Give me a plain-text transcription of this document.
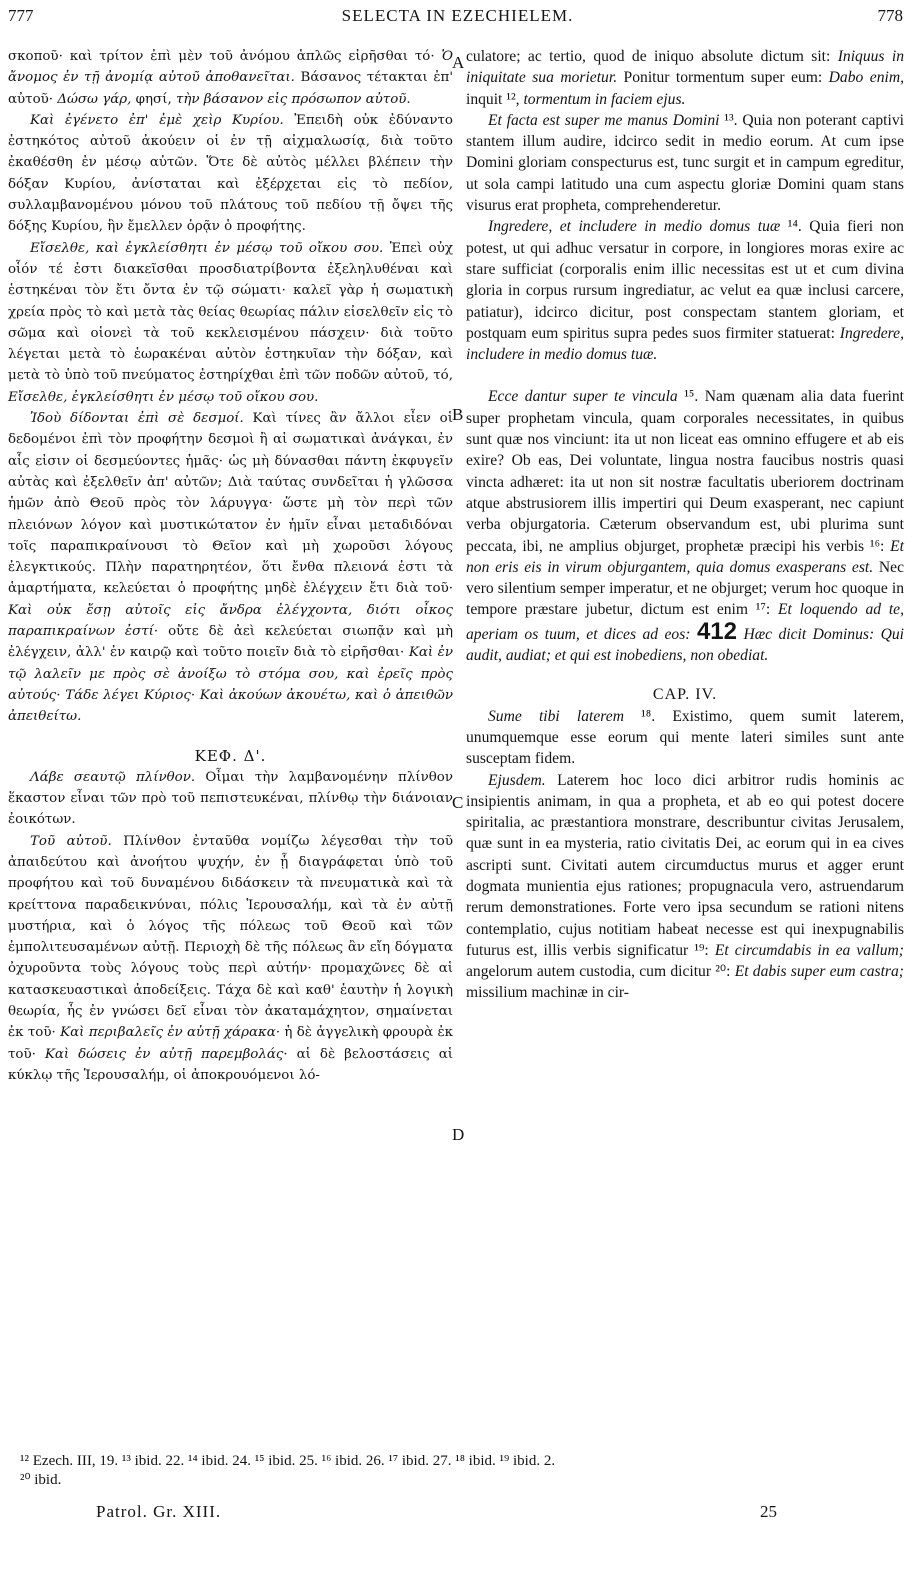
777	SELECTA IN EZECHIELEM.	778
A
B
C
D

σκοποῦ· καὶ τρίτον ἐπὶ μὲν τοῦ ἀνόμου ἁπλῶς εἰρῆσθαι τό· Ὁ ἄνομος ἐν τῇ ἀνομίᾳ αὐτοῦ ἀποθανεῖται. Βάσανος τέτακται ἐπ' αὐτοῦ· Δώσω γάρ, φησί, τὴν βάσανον εἰς πρόσωπον αὐτοῦ.

Καὶ ἐγένετο ἐπ' ἐμὲ χεὶρ Κυρίου. Ἐπειδὴ οὐκ ἐδύναντο ἑστηκότος αὐτοῦ ἀκούειν οἱ ἐν τῇ αἰχμαλωσίᾳ, διὰ τοῦτο ἐκαθέσθη ἐν μέσῳ αὐτῶν. Ὅτε δὲ αὐτὸς μέλλει βλέπειν τὴν δόξαν Κυρίου, ἀνίσταται καὶ ἐξέρχεται εἰς τὸ πεδίον, συλλαμβανομένου μόνου τοῦ πλάτους τοῦ πεδίου τῇ ὄψει τῆς δόξης Κυρίου, ἣν ἔμελλεν ὁρᾷν ὁ προφήτης.

Εἴσελθε, καὶ ἐγκλείσθητι ἐν μέσῳ τοῦ οἴκου σου. Ἐπεὶ οὐχ οἷόν τέ ἐστι διακεῖσθαι προσδιατρίβοντα ἐξεληλυθέναι καὶ ἑστηκέναι τὸν ἔτι ὄντα ἐν τῷ σώματι· καλεῖ γὰρ ἡ σωματικὴ χρεία πρὸς τὸ καὶ μετὰ τὰς θείας θεωρίας πάλιν εἰσελθεῖν εἰς τὸ σῶμα καὶ οἱονεὶ τὰ τοῦ κεκλεισμένου πάσχειν· διὰ τοῦτο λέγεται μετὰ τὸ ἑωρακέναι αὐτὸν ἑστηκυῖαν τὴν δόξαν, καὶ μετὰ τὸ ὑπὸ τοῦ πνεύματος ἐστηρίχθαι ἐπὶ τῶν ποδῶν αὐτοῦ, τό, Εἴσελθε, ἐγκλείσθητι ἐν μέσῳ τοῦ οἴκου σου.

Ἰδοὺ δίδονται ἐπὶ σὲ δεσμοί. Καὶ τίνες ἂν ἄλλοι εἶεν οἱ δεδομένοι ἐπὶ τὸν προφήτην δεσμοὶ ἢ αἱ σωματικαὶ ἀνάγκαι, ἐν αἷς εἰσιν οἱ δεσμεύοντες ἡμᾶς· ὡς μὴ δύνασθαι πάντη ἐκφυγεῖν αὐτὰς καὶ ἐξελθεῖν ἀπ' αὐτῶν; Διὰ ταύτας συνδεῖται ἡ γλῶσσα ἡμῶν ἀπὸ Θεοῦ πρὸς τὸν λάρυγγα· ὥστε μὴ τὸν περὶ τῶν πλειόνων λόγον καὶ μυστικώτατον ἐν ἡμῖν εἶναι μεταδιδόναι τοῖς παραπικραίνουσι τὸ Θεῖον καὶ μὴ χωροῦσι λόγους ἐλεγκτικούς. Πλὴν παρατηρητέον, ὅτι ἔνθα πλειονά ἐστι τὰ ἁμαρτήματα, κελεύεται ὁ προφήτης μηδὲ ἐλέγχειν ἔτι διὰ τοῦ· Καὶ οὐκ ἔσῃ αὐτοῖς εἰς ἄνδρα ἐλέγχοντα, διότι οἶκος παραπικραίνων ἐστί· οὔτε δὲ ἀεὶ κελεύεται σιωπᾷν καὶ μὴ ἐλέγχειν, ἀλλ' ἐν καιρῷ καὶ τοῦτο ποιεῖν διὰ τὸ εἰρῆσθαι· Καὶ ἐν τῷ λαλεῖν με πρὸς σὲ ἀνοίξω τὸ στόμα σου, καὶ ἐρεῖς πρὸς αὐτούς· Τάδε λέγει Κύριος· Καὶ ἀκούων ἀκουέτω, καὶ ὁ ἀπειθῶν ἀπειθείτω.

ΚΕΦ. Δ'.

Λάβε σεαυτῷ πλίνθον. Οἶμαι τὴν λαμβανομένην πλίνθον ἕκαστον εἶναι τῶν πρὸ τοῦ πεπιστευκέναι, πλίνθῳ τὴν διάνοιαν ἐοικότων.

Τοῦ αὐτοῦ. Πλίνθον ἐνταῦθα νομίζω λέγεσθαι τὴν τοῦ ἀπαιδεύτου καὶ ἀνοήτου ψυχήν, ἐν ᾗ διαγράφεται ὑπὸ τοῦ προφήτου καὶ τοῦ δυναμένου διδάσκειν τὰ πνευματικὰ καὶ τὰ κρείττονα παραδεικνύναι, πόλις Ἱερουσαλήμ, καὶ τὰ ἐν αὐτῇ μυστήρια, καὶ ὁ λόγος τῆς πόλεως τοῦ Θεοῦ καὶ τῶν ἐμπολιτευσαμένων αὐτῇ. Περιοχὴ δὲ τῆς πόλεως ἂν εἴη δόγματα ὀχυροῦντα τοὺς λόγους τοὺς περὶ αὐτήν· προμαχῶνες δὲ αἱ κατασκευαστικαὶ ἀποδείξεις. Τάχα δὲ καὶ καθ' ἑαυτὴν ἡ λογικὴ θεωρία, ἧς ἐν γνώσει δεῖ εἶναι τὸν ἀκαταμάχητον, σημαίνεται ἐκ τοῦ· Καὶ περιβαλεῖς ἐν αὐτῇ χάρακα· ἡ δὲ ἀγγελικὴ φρουρὰ ἐκ τοῦ· Καὶ δώσεις ἐν αὐτῇ παρεμβολάς· αἱ δὲ βελοστάσεις αἱ κύκλῳ τῆς Ἱερουσαλήμ, οἱ ἀποκρουόμενοι λό-

culatore; ac tertio, quod de iniquo absolute dictum sit: Iniquus in iniquitate sua morietur. Ponitur tormentum super eum: Dabo enim, inquit ¹², tormentum in faciem ejus.

Et facta est super me manus Domini ¹³. Quia non poterant captivi stantem illum audire, idcirco sedit in medio eorum. At cum ipse Domini gloriam conspecturus est, tunc surgit et in campum egreditur, ut sola campi latitudo una cum aspectu gloriæ Domini quam stans visurus erat propheta, comprehenderetur.

Ingredere, et includere in medio domus tuæ ¹⁴. Quia fieri non potest, ut qui adhuc versatur in corpore, in longiores moras exire ac stare sufficiat (corporalis enim illic necessitas est ut et cum divina gloria in corpus rursum ingrediatur, ac velut ea quæ inclusi carcere, patiatur), idcirco dicitur, post conspectam stantem gloriam, et postquam eum spiritus supra pedes suos firmiter statuerat: Ingredere, includere in medio domus tuæ.

Ecce dantur super te vincula ¹⁵. Nam quænam alia data fuerint super prophetam vincula, quam corporales necessitates, in quibus sunt quæ nos vinciunt: ita ut non liceat eas omnino effugere et ab eis exire? Ob eas, Dei voluntate, lingua nostra faucibus nostris quasi vincta adhæret: ita ut non sit nostræ facultatis uberiorem doctrinam atque abstrusiorem illis impertiri qui Deum exasperant, nec capiunt verba objurgatoria. Cæterum observandum est, ubi plurima sunt peccata, ibi, ne amplius objurget, prophetæ præcipi his verbis ¹⁶: Et non eris eis in virum objurgantem, quia domus exasperans est. Nec vero silentium semper imperatur, et ne objurget; verum hoc quoque in tempore præstare jubetur, dictum est enim ¹⁷: Et loquendo ad te, aperiam os tuum, et dices ad eos: 412 Hæc dicit Dominus: Qui audit, audiat; et qui est inobediens, non obediat.

CAP. IV.

Sume tibi laterem ¹⁸. Existimo, quem sumit laterem, unumquemque esse eorum qui mente lateri similes sunt ante susceptam fidem.

Ejusdem. Laterem hoc loco dici arbitror rudis hominis ac insipientis animam, in qua a propheta, et ab eo qui potest docere spiritalia, ac præstantiora monstrare, describuntur civitas Jerusalem, quæ sunt in ea mysteria, ratio civitatis Dei, ac eorum qui in ea cives ascripti sunt. Civitati autem circumductus murus et agger erunt dogmata munientia ejus rationes; propugnacula vero, astruendarum rerum demonstrationes. Forte vero ipsa secundum se rationi nitens contemplatio, cujus notitiam habeat necesse est qui inexpugnabilis futurus est, illis verbis significatur ¹⁹: Et circumdabis in ea vallum; angelorum autem custodia, cum dicitur ²⁰: Et dabis super eum castra; missilium machinæ in cir-

¹² Ezech. III, 19. ¹³ ibid. 22. ¹⁴ ibid. 24. ¹⁵ ibid. 25. ¹⁶ ibid. 26. ¹⁷ ibid. 27. ¹⁸ ibid. ¹⁹ ibid. 2.
²⁰ ibid.
Patrol. Gr. XIII.	25
